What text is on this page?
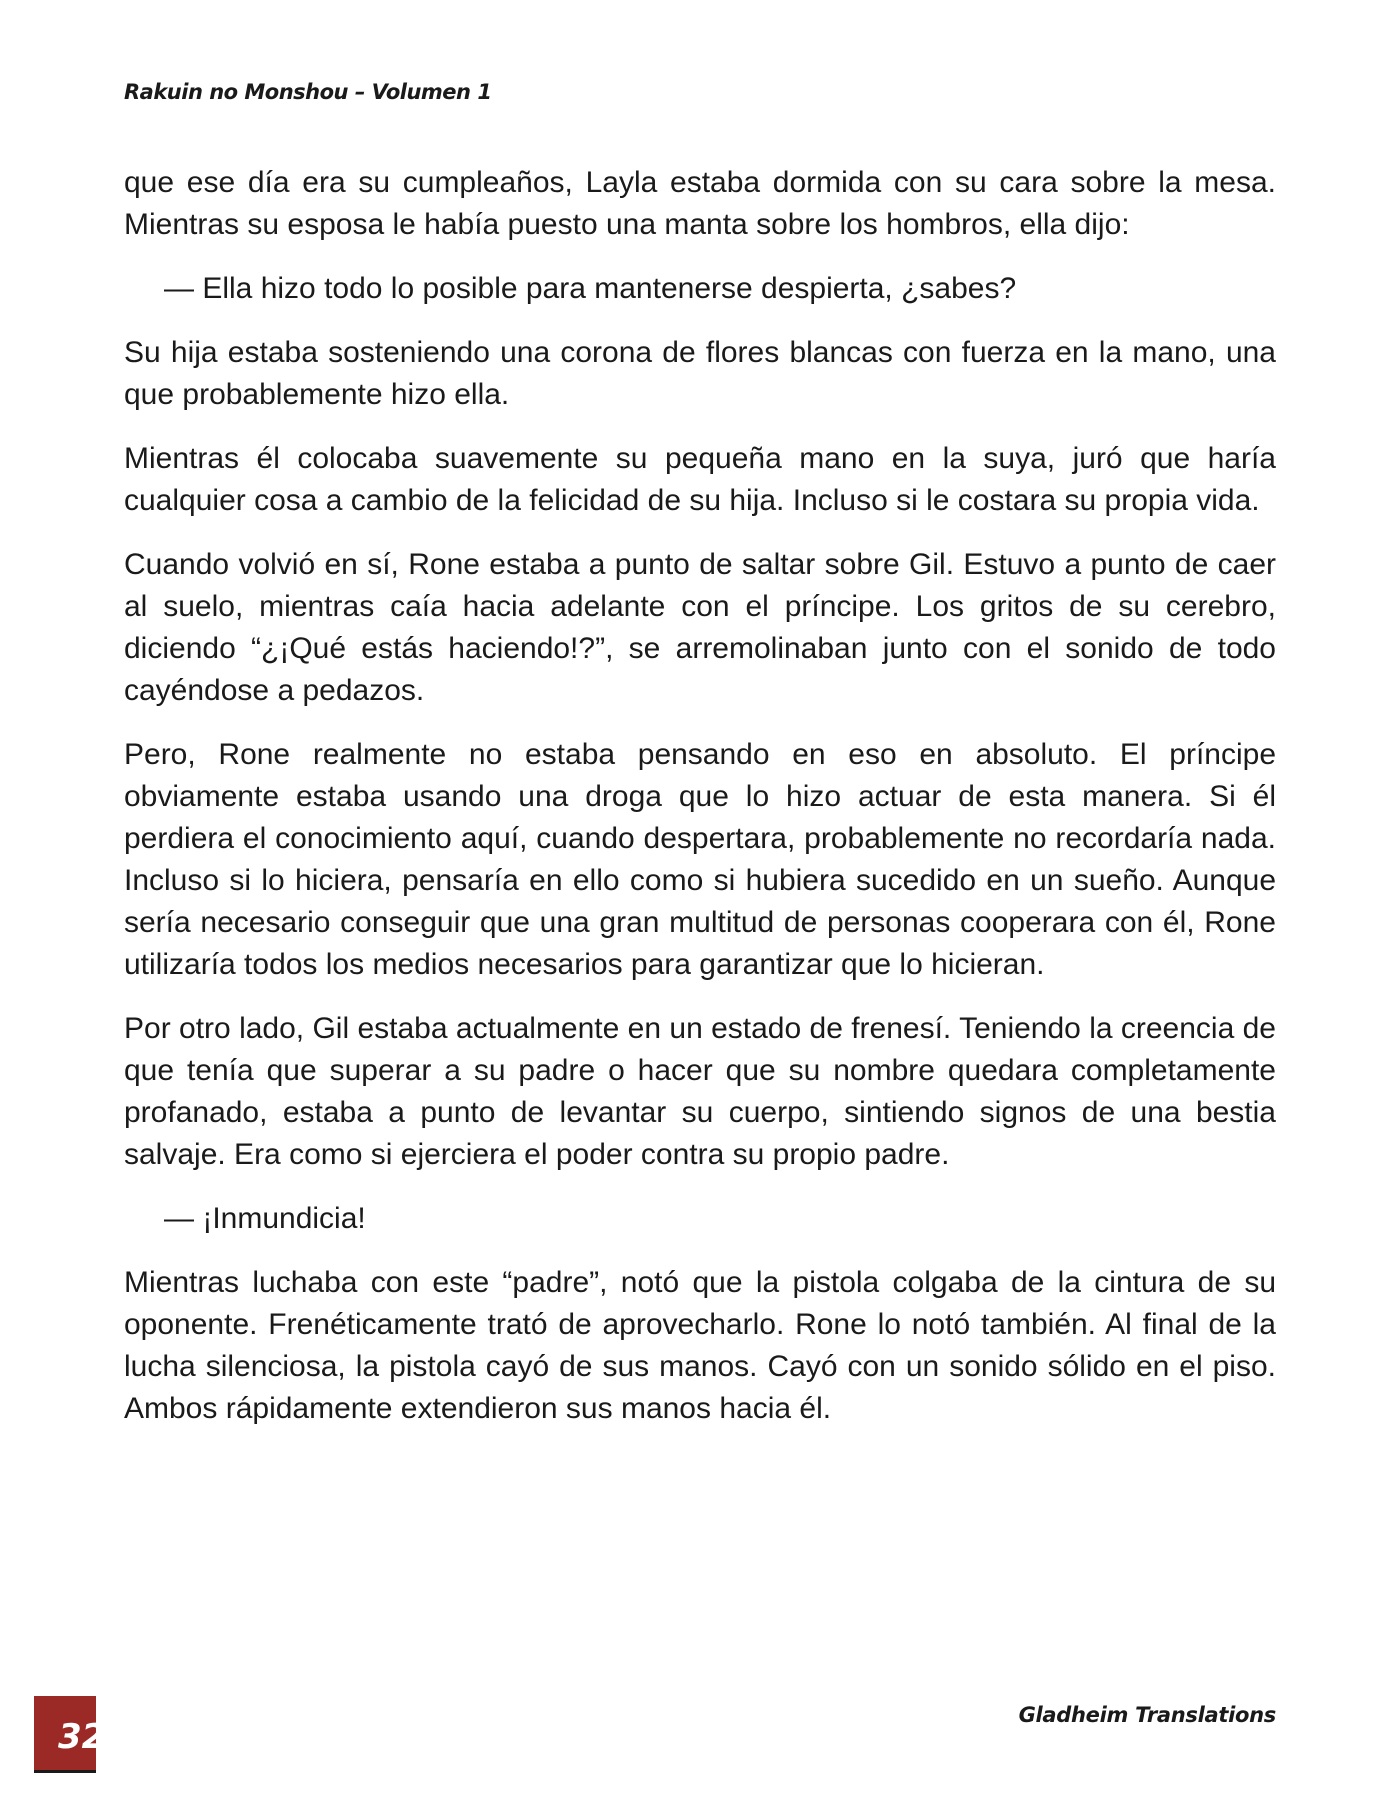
Rakuin no Monshou – Volumen 1

que ese día era su cumpleaños, Layla estaba dormida con su cara sobre la mesa. Mientras su esposa le había puesto una manta sobre los hombros, ella dijo:

— Ella hizo todo lo posible para mantenerse despierta, ¿sabes?

Su hija estaba sosteniendo una corona de flores blancas con fuerza en la mano, una que probablemente hizo ella.

Mientras él colocaba suavemente su pequeña mano en la suya, juró que haría cualquier cosa a cambio de la felicidad de su hija. Incluso si le costara su propia vida.

Cuando volvió en sí, Rone estaba a punto de saltar sobre Gil. Estuvo a punto de caer al suelo, mientras caía hacia adelante con el príncipe. Los gritos de su cerebro, diciendo “¿¡Qué estás haciendo!?”, se arremolinaban junto con el sonido de todo cayéndose a pedazos.

Pero, Rone realmente no estaba pensando en eso en absoluto. El príncipe obviamente estaba usando una droga que lo hizo actuar de esta manera. Si él perdiera el conocimiento aquí, cuando despertara, probablemente no recordaría nada. Incluso si lo hiciera, pensaría en ello como si hubiera sucedido en un sueño. Aunque sería necesario conseguir que una gran multitud de personas cooperara con él, Rone utilizaría todos los medios necesarios para garantizar que lo hicieran.

Por otro lado, Gil estaba actualmente en un estado de frenesí. Teniendo la creencia de que tenía que superar a su padre o hacer que su nombre quedara completamente profanado, estaba a punto de levantar su cuerpo, sintiendo signos de una bestia salvaje. Era como si ejerciera el poder contra su propio padre.

— ¡Inmundicia!

Mientras luchaba con este “padre”, notó que la pistola colgaba de la cintura de su oponente. Frenéticamente trató de aprovecharlo. Rone lo notó también. Al final de la lucha silenciosa, la pistola cayó de sus manos. Cayó con un sonido sólido en el piso. Ambos rápidamente extendieron sus manos hacia él.

32
Gladheim Translations
